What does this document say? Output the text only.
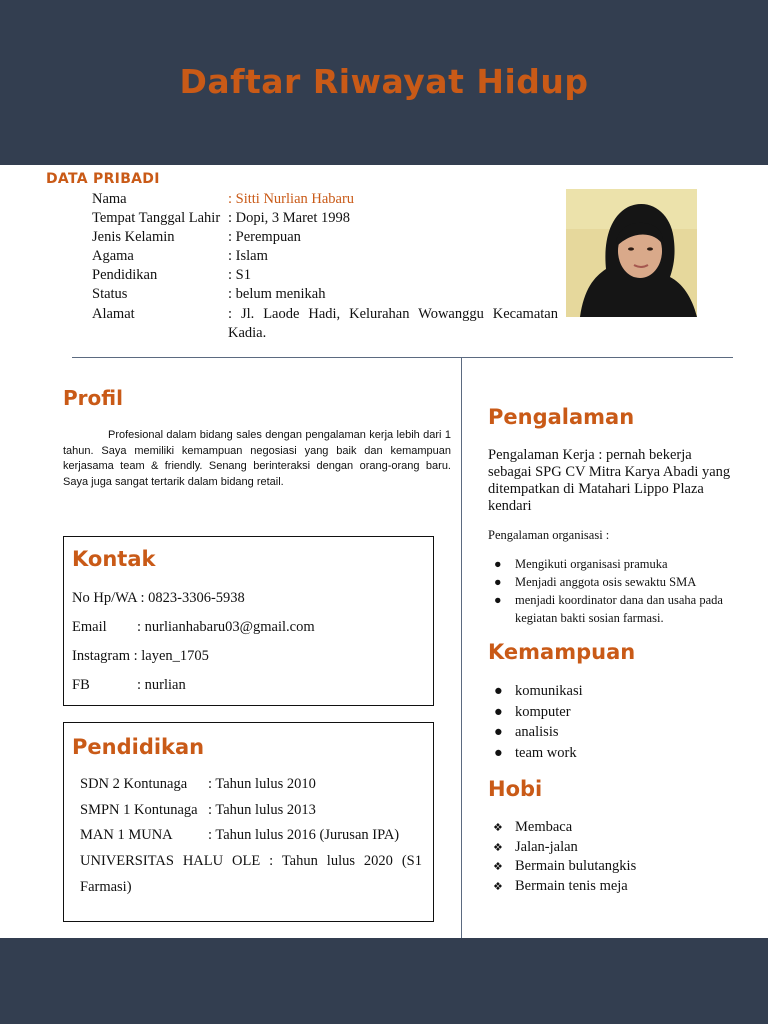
Daftar Riwayat Hidup
DATA PRIBADI
Nama	: Sitti Nurlian Habaru
Tempat Tanggal Lahir : Dopi, 3 Maret 1998
Jenis Kelamin	: Perempuan
Agama	: Islam
Pendidikan	: S1
Status	: belum menikah
Alamat	: Jl. Laode Hadi, Kelurahan Wowanggu Kecamatan Kadia.
Profil

Profesional dalam bidang sales dengan pengalaman kerja lebih dari 1 tahun. Saya memiliki kemampuan negosiasi yang baik dan kemampuan kerjasama team & friendly. Senang berinteraksi dengan orang-orang baru. Saya juga sangat tertarik dalam bidang retail.

Kontak
No Hp/WA : 0823-3306-5938
Email : nurlianhabaru03@gmail.com
Instagram : layen_1705
FB	: nurlian
Pendidikan
SDN 2 Kontunaga : Tahun lulus 2010
SMPN 1 Kontunaga : Tahun lulus 2013
MAN 1 MUNA : Tahun lulus 2016 (Jurusan IPA)
UNIVERSITAS HALU OLE : Tahun lulus 2020 (S1 Farmasi)
Pengalaman

Pengalaman Kerja : pernah bekerja sebagai SPG CV Mitra Karya Abadi yang ditempatkan di Matahari Lippo Plaza kendari

Pengalaman organisasi :
● Mengikuti organisasi pramuka
● Menjadi anggota osis sewaktu SMA
● menjadi koordinator dana dan usaha pada kegiatan bakti sosian farmasi.
Kemampuan
● komunikasi
● komputer
● analisis
● team work
Hobi
❖ Membaca
❖ Jalan-jalan
❖ Bermain bulutangkis
❖ Bermain tenis meja
